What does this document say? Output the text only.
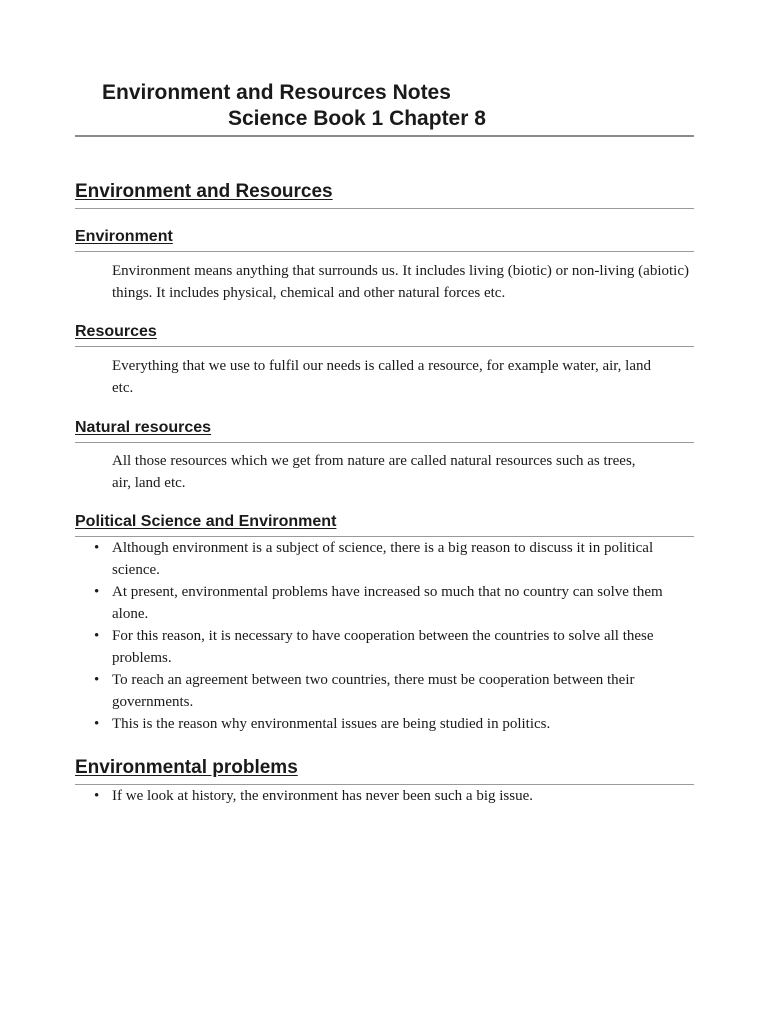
Environment and Resources Notes
Science Book 1 Chapter 8
Environment and Resources
Environment

Environment means anything that surrounds us. It includes living (biotic) or non-living (abiotic) things. It includes physical, chemical and other natural forces etc.

Resources

Everything that we use to fulfil our needs is called a resource, for example water, air, land etc.

Natural resources

All those resources which we get from nature are called natural resources such as trees, air, land etc.

Political Science and Environment
• Although environment is a subject of science, there is a big reason to discuss it in political science.
• At present, environmental problems have increased so much that no country can solve them alone.
• For this reason, it is necessary to have cooperation between the countries to solve all these problems.
• To reach an agreement between two countries, there must be cooperation between their governments.
• This is the reason why environmental issues are being studied in politics.
Environmental problems
• If we look at history, the environment has never been such a big issue.
